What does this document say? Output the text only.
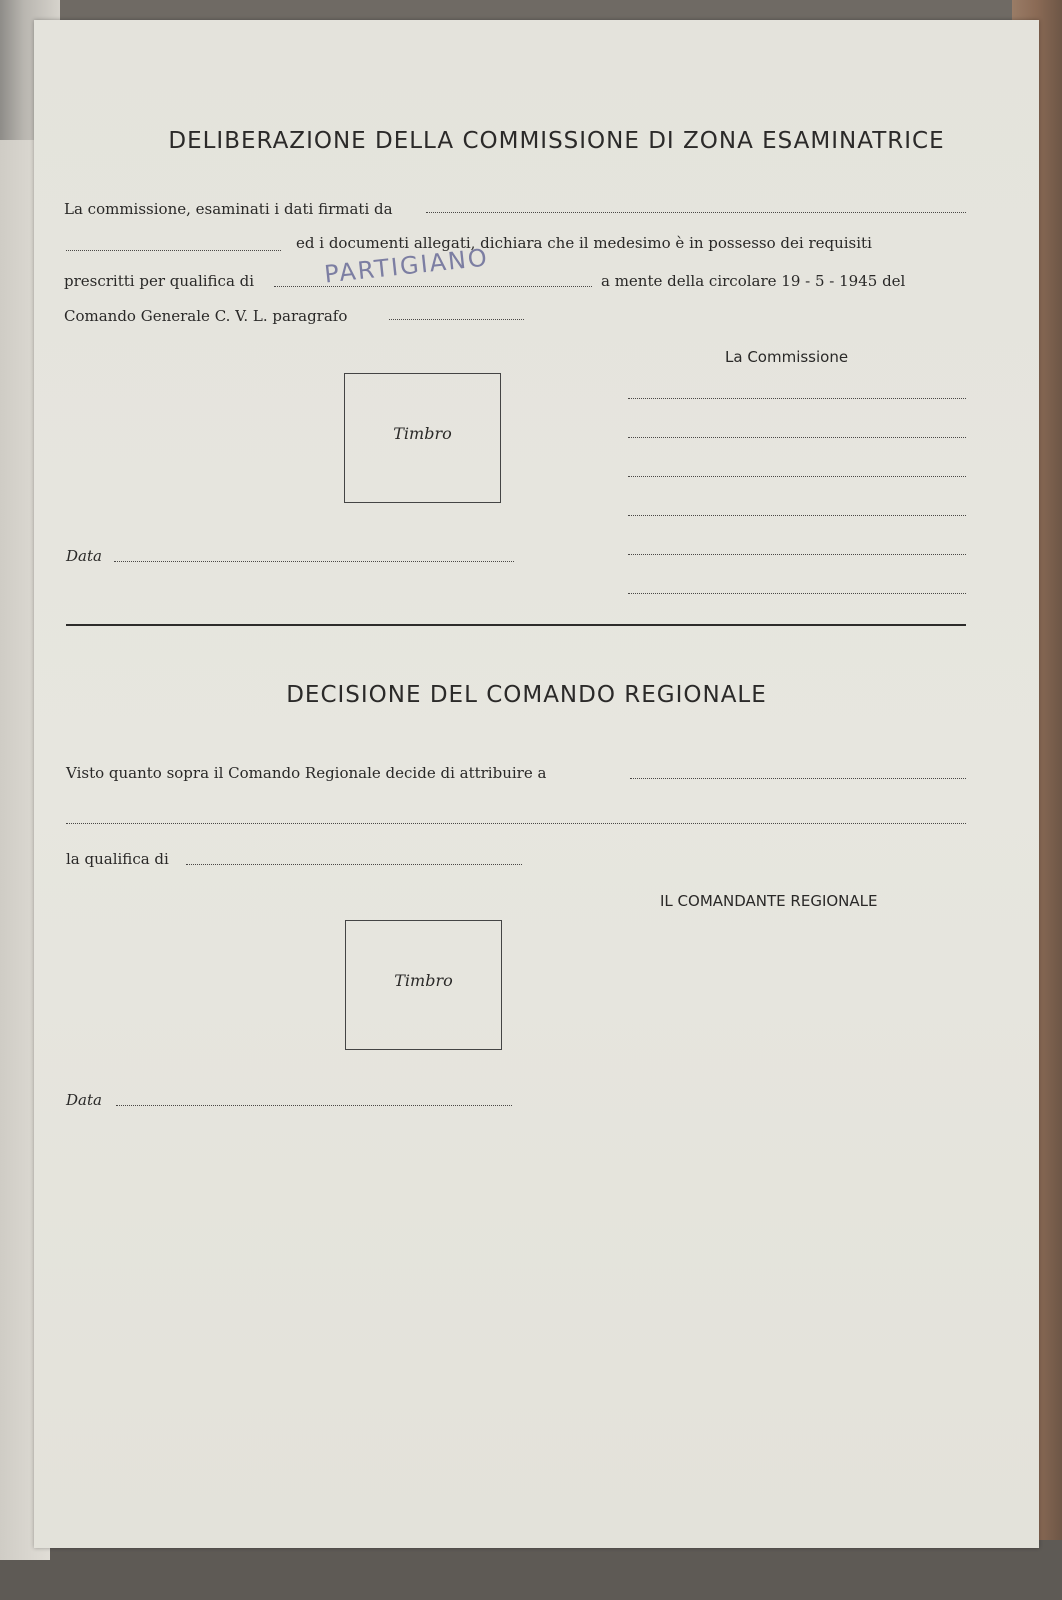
DELIBERAZIONE DELLA COMMISSIONE DI ZONA ESAMINATRICE
La commissione, esaminati i dati firmati da
ed i documenti allegati, dichiara che il medesimo è in possesso dei requisiti
prescritti per qualifica di	PARTIGIANO	a mente della circolare 19 - 5 - 1945 del
Comando Generale C. V. L. paragrafo
La Commissione
Timbro
Data
DECISIONE DEL COMANDO REGIONALE
Visto quanto sopra il Comando Regionale decide di attribuire a
la qualifica di
IL COMANDANTE REGIONALE
Timbro
Data
